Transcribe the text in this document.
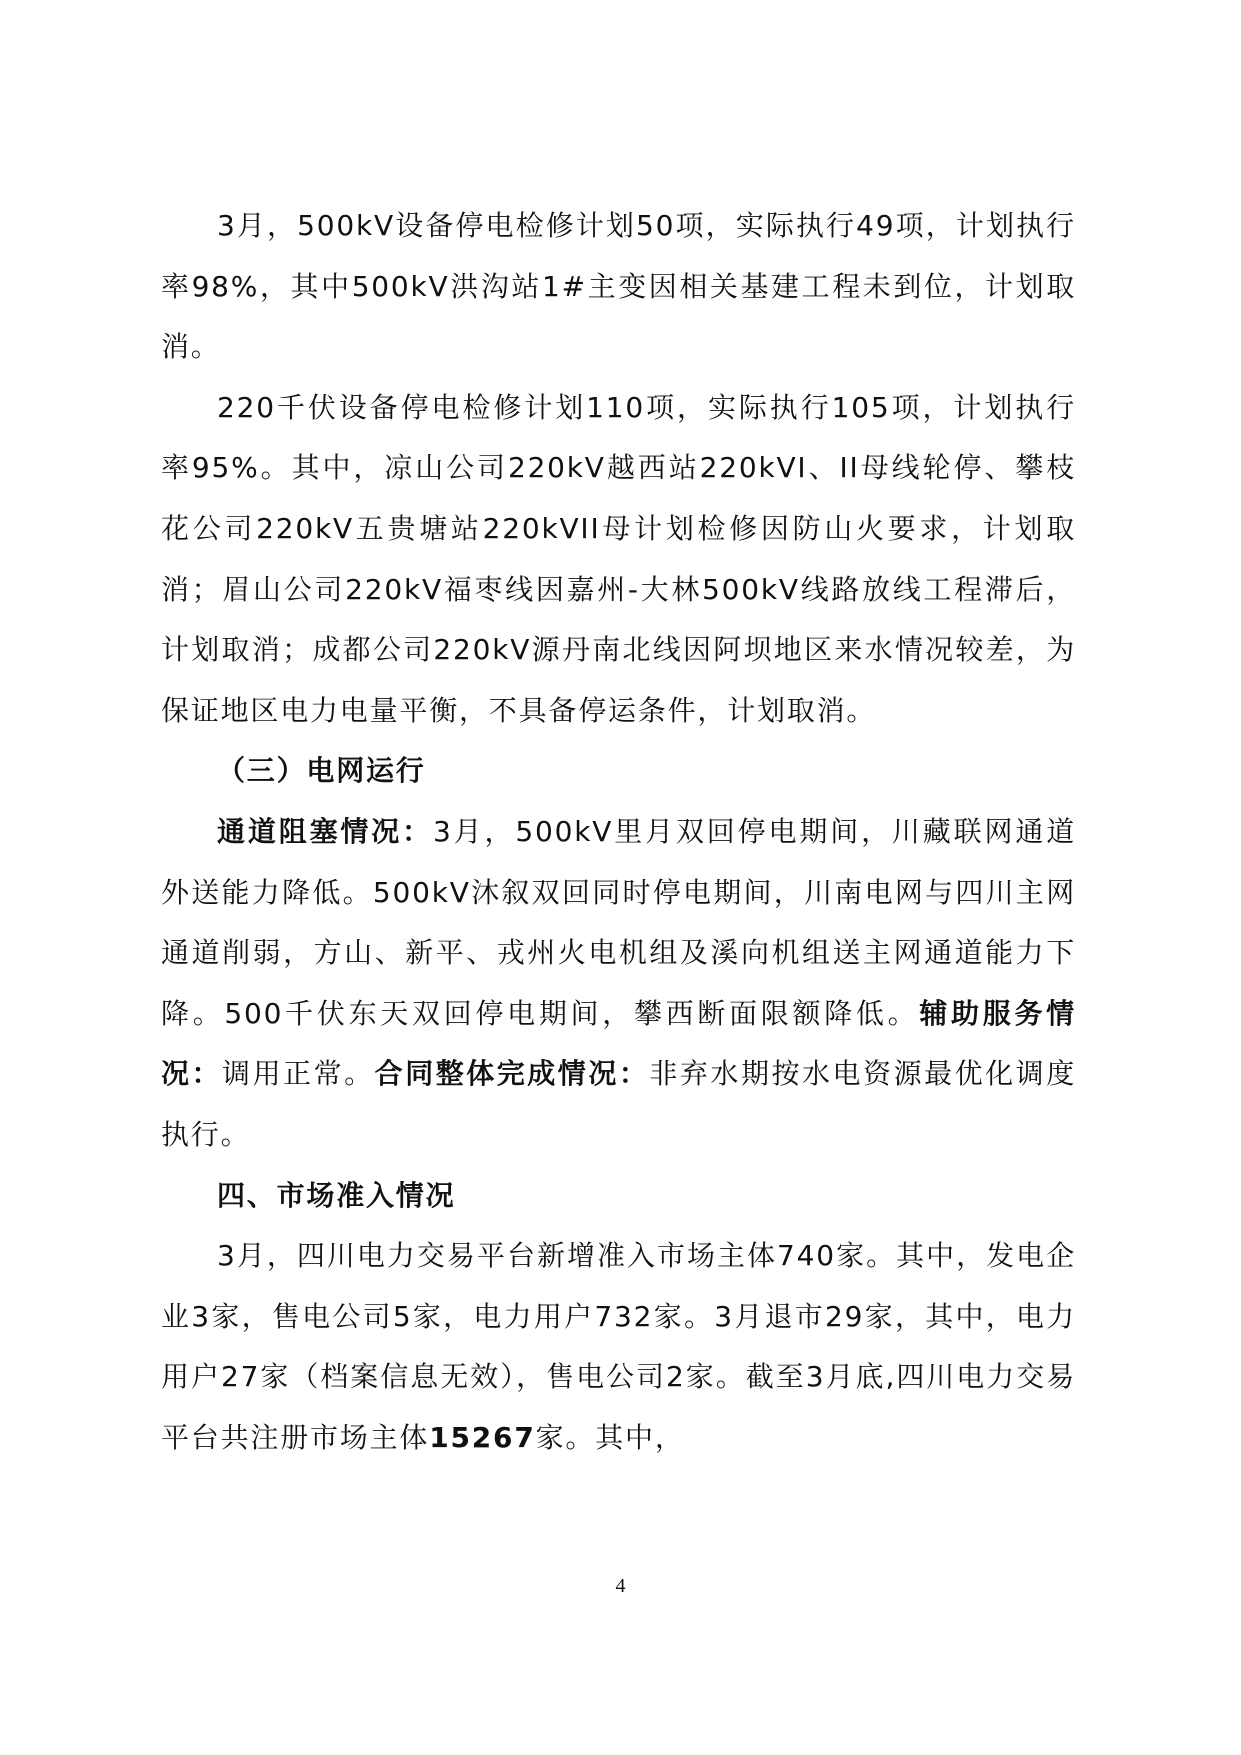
3月，500kV设备停电检修计划50项，实际执行49项，计划执行率98%，其中500kV洪沟站1#主变因相关基建工程未到位，计划取消。

220千伏设备停电检修计划110项，实际执行105项，计划执行率95%。其中，凉山公司220kV越西站220kVI、II母线轮停、攀枝花公司220kV五贵塘站220kVII母计划检修因防山火要求，计划取消；眉山公司220kV福枣线因嘉州-大林500kV线路放线工程滞后，计划取消；成都公司220kV源丹南北线因阿坝地区来水情况较差，为保证地区电力电量平衡，不具备停运条件，计划取消。

（三）电网运行

通道阻塞情况：3月，500kV里月双回停电期间，川藏联网通道外送能力降低。500kV沐叙双回同时停电期间，川南电网与四川主网通道削弱，方山、新平、戎州火电机组及溪向机组送主网通道能力下降。500千伏东天双回停电期间，攀西断面限额降低。辅助服务情况：调用正常。合同整体完成情况：非弃水期按水电资源最优化调度执行。

四、市场准入情况

3月，四川电力交易平台新增准入市场主体740家。其中，发电企业3家，售电公司5家，电力用户732家。3月退市29家，其中，电力用户27家（档案信息无效），售电公司2家。截至3月底,四川电力交易平台共注册市场主体15267家。其中，

4
